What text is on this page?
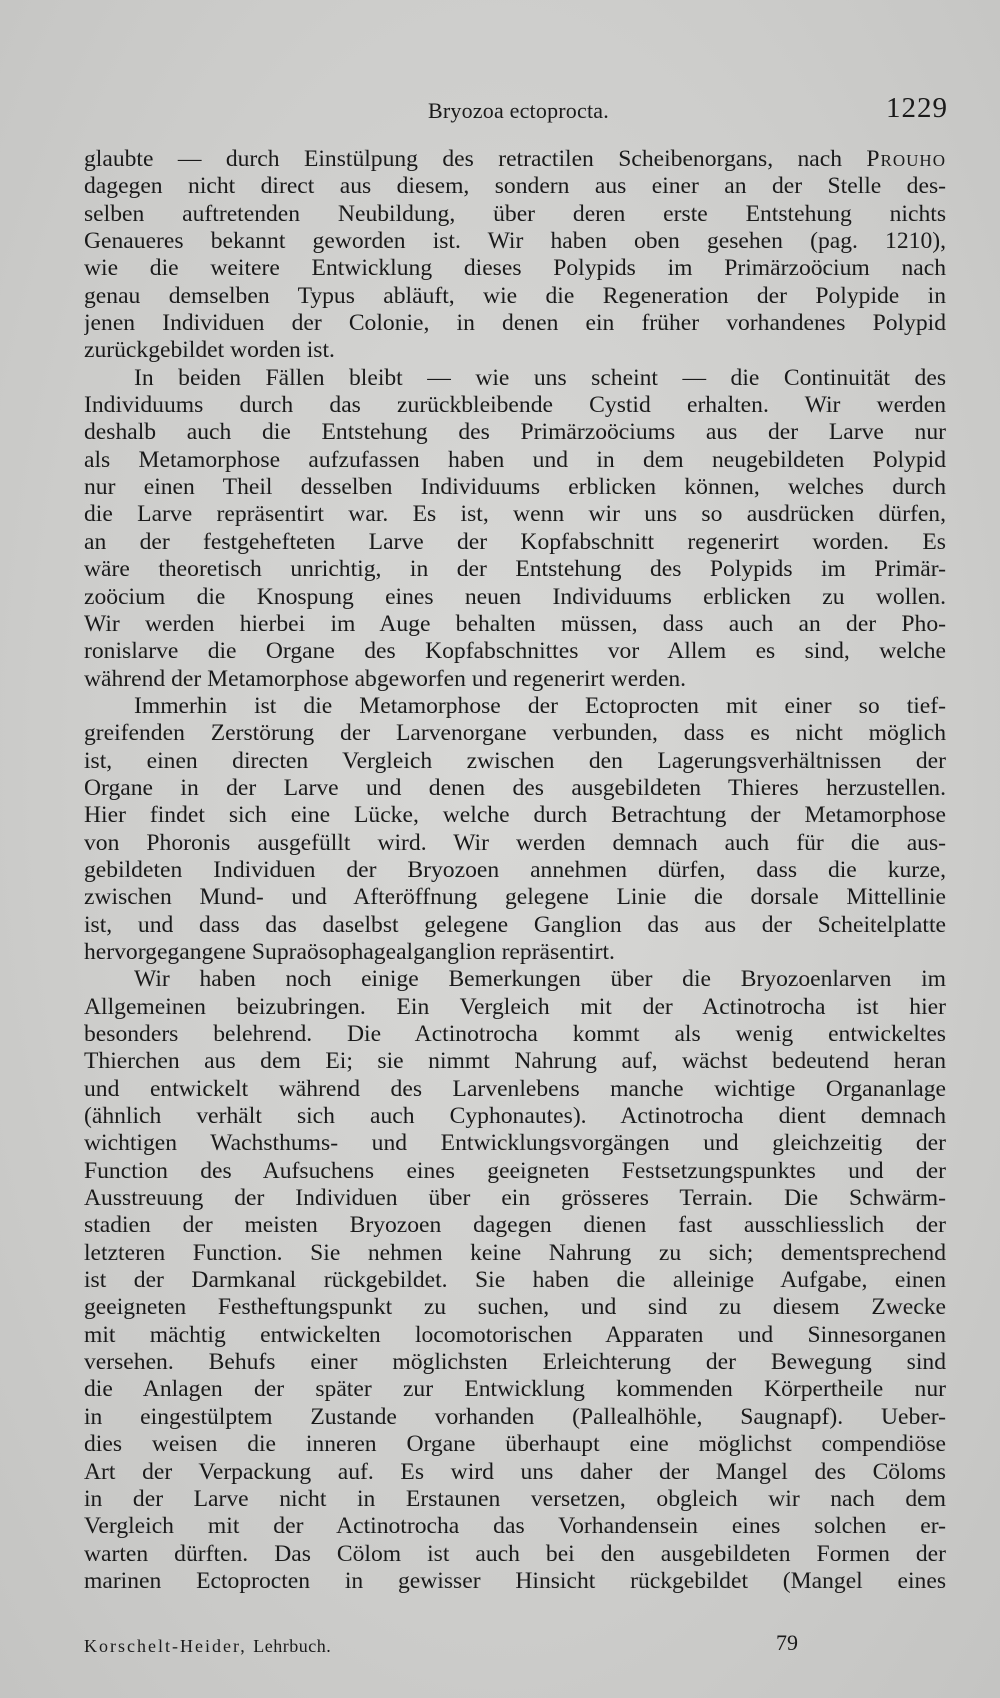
Bryozoa ectoprocta.	1229
glaubte — durch Einstülpung des retractilen Scheibenorgans, nach Prouho
dagegen nicht direct aus diesem, sondern aus einer an der Stelle des-
selben auftretenden Neubildung, über deren erste Entstehung nichts
Genaueres bekannt geworden ist. Wir haben oben gesehen (pag. 1210),
wie die weitere Entwicklung dieses Polypids im Primärzoöcium nach
genau demselben Typus abläuft, wie die Regeneration der Polypide in
jenen Individuen der Colonie, in denen ein früher vorhandenes Polypid
zurückgebildet worden ist.
In beiden Fällen bleibt — wie uns scheint — die Continuität des
Individuums durch das zurückbleibende Cystid erhalten. Wir werden
deshalb auch die Entstehung des Primärzoöciums aus der Larve nur
als Metamorphose aufzufassen haben und in dem neugebildeten Polypid
nur einen Theil desselben Individuums erblicken können, welches durch
die Larve repräsentirt war. Es ist, wenn wir uns so ausdrücken dürfen,
an der festgehefteten Larve der Kopfabschnitt regenerirt worden. Es
wäre theoretisch unrichtig, in der Entstehung des Polypids im Primär-
zoöcium die Knospung eines neuen Individuums erblicken zu wollen.
Wir werden hierbei im Auge behalten müssen, dass auch an der Pho-
ronislarve die Organe des Kopfabschnittes vor Allem es sind, welche
während der Metamorphose abgeworfen und regenerirt werden.
Immerhin ist die Metamorphose der Ectoprocten mit einer so tief-
greifenden Zerstörung der Larvenorgane verbunden, dass es nicht möglich
ist, einen directen Vergleich zwischen den Lagerungsverhältnissen der
Organe in der Larve und denen des ausgebildeten Thieres herzustellen.
Hier findet sich eine Lücke, welche durch Betrachtung der Metamorphose
von Phoronis ausgefüllt wird. Wir werden demnach auch für die aus-
gebildeten Individuen der Bryozoen annehmen dürfen, dass die kurze,
zwischen Mund- und Afteröffnung gelegene Linie die dorsale Mittellinie
ist, und dass das daselbst gelegene Ganglion das aus der Scheitelplatte
hervorgegangene Supraösophagealganglion repräsentirt.
Wir haben noch einige Bemerkungen über die Bryozoenlarven im
Allgemeinen beizubringen. Ein Vergleich mit der Actinotrocha ist hier
besonders belehrend. Die Actinotrocha kommt als wenig entwickeltes
Thierchen aus dem Ei; sie nimmt Nahrung auf, wächst bedeutend heran
und entwickelt während des Larvenlebens manche wichtige Organanlage
(ähnlich verhält sich auch Cyphonautes). Actinotrocha dient demnach
wichtigen Wachsthums- und Entwicklungsvorgängen und gleichzeitig der
Function des Aufsuchens eines geeigneten Festsetzungspunktes und der
Ausstreuung der Individuen über ein grösseres Terrain. Die Schwärm-
stadien der meisten Bryozoen dagegen dienen fast ausschliesslich der
letzteren Function. Sie nehmen keine Nahrung zu sich; dementsprechend
ist der Darmkanal rückgebildet. Sie haben die alleinige Aufgabe, einen
geeigneten Festheftungspunkt zu suchen, und sind zu diesem Zwecke
mit mächtig entwickelten locomotorischen Apparaten und Sinnesorganen
versehen. Behufs einer möglichsten Erleichterung der Bewegung sind
die Anlagen der später zur Entwicklung kommenden Körpertheile nur
in eingestülptem Zustande vorhanden (Pallealhöhle, Saugnapf). Ueber-
dies weisen die inneren Organe überhaupt eine möglichst compendiöse
Art der Verpackung auf. Es wird uns daher der Mangel des Cöloms
in der Larve nicht in Erstaunen versetzen, obgleich wir nach dem
Vergleich mit der Actinotrocha das Vorhandensein eines solchen er-
warten dürften. Das Cölom ist auch bei den ausgebildeten Formen der
marinen Ectoprocten in gewisser Hinsicht rückgebildet (Mangel eines
Korschelt-Heider, Lehrbuch.	79
